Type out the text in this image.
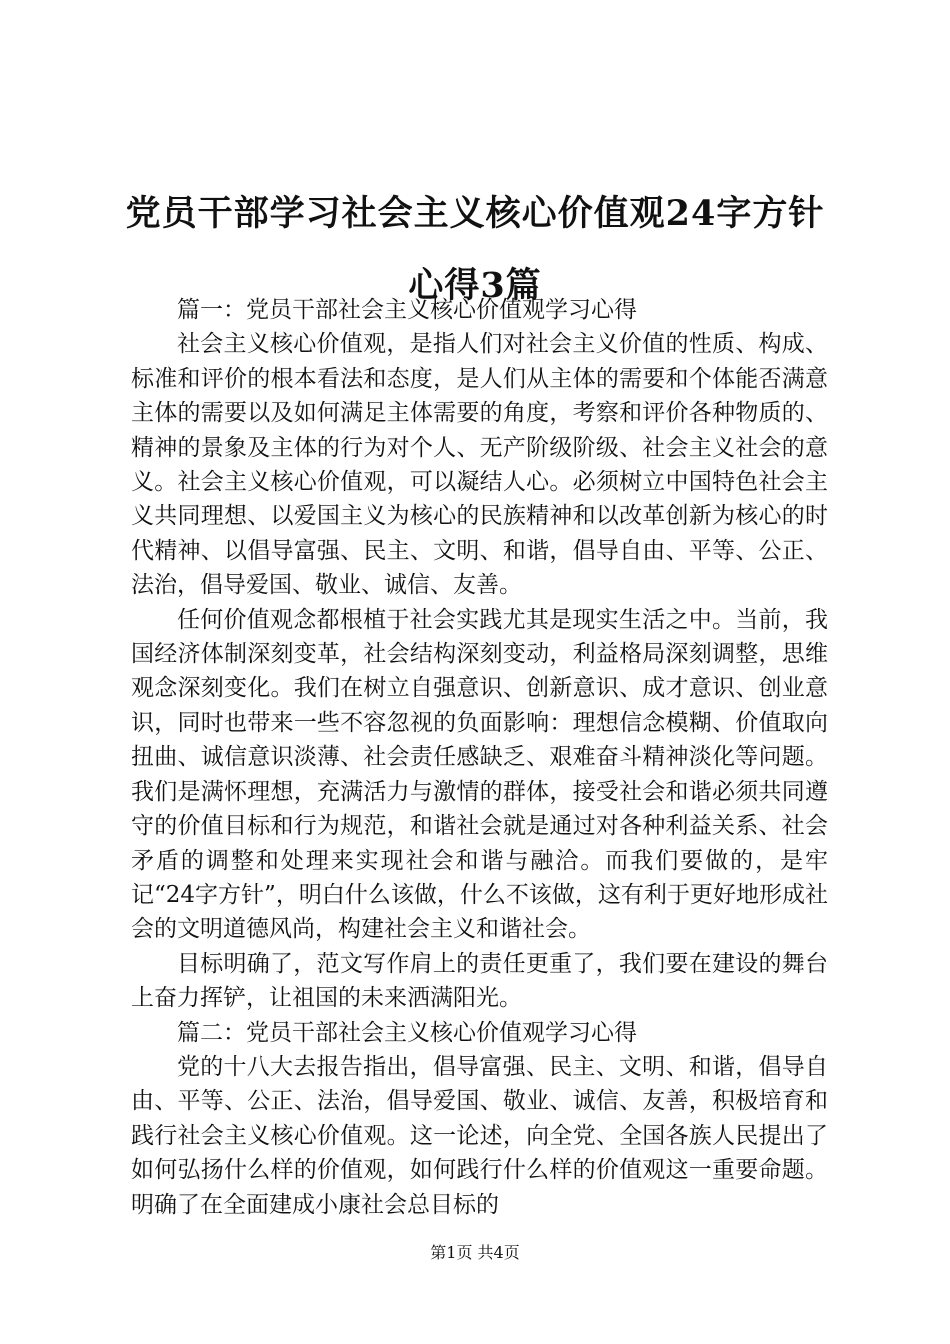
党员干部学习社会主义核心价值观24字方针心得3篇

篇一：党员干部社会主义核心价值观学习心得

社会主义核心价值观，是指人们对社会主义价值的性质、构成、标准和评价的根本看法和态度，是人们从主体的需要和个体能否满意主体的需要以及如何满足主体需要的角度，考察和评价各种物质的、精神的景象及主体的行为对个人、无产阶级阶级、社会主义社会的意义。社会主义核心价值观，可以凝结人心。必须树立中国特色社会主义共同理想、以爱国主义为核心的民族精神和以改革创新为核心的时代精神、以倡导富强、民主、文明、和谐，倡导自由、平等、公正、法治，倡导爱国、敬业、诚信、友善。

任何价值观念都根植于社会实践尤其是现实生活之中。当前，我国经济体制深刻变革，社会结构深刻变动，利益格局深刻调整，思维观念深刻变化。我们在树立自强意识、创新意识、成才意识、创业意识，同时也带来一些不容忽视的负面影响：理想信念模糊、价值取向扭曲、诚信意识淡薄、社会责任感缺乏、艰难奋斗精神淡化等问题。我们是满怀理想，充满活力与激情的群体，接受社会和谐必须共同遵守的价值目标和行为规范，和谐社会就是通过对各种利益关系、社会矛盾的调整和处理来实现社会和谐与融洽。而我们要做的，是牢记“24字方针”，明白什么该做，什么不该做，这有利于更好地形成社会的文明道德风尚，构建社会主义和谐社会。

目标明确了，范文写作肩上的责任更重了，我们要在建设的舞台上奋力挥铲，让祖国的未来洒满阳光。

篇二：党员干部社会主义核心价值观学习心得

党的十八大去报告指出，倡导富强、民主、文明、和谐，倡导自由、平等、公正、法治，倡导爱国、敬业、诚信、友善，积极培育和践行社会主义核心价值观。这一论述，向全党、全国各族人民提出了如何弘扬什么样的价值观，如何践行什么样的价值观这一重要命题。明确了在全面建成小康社会总目标的

第1页 共4页
